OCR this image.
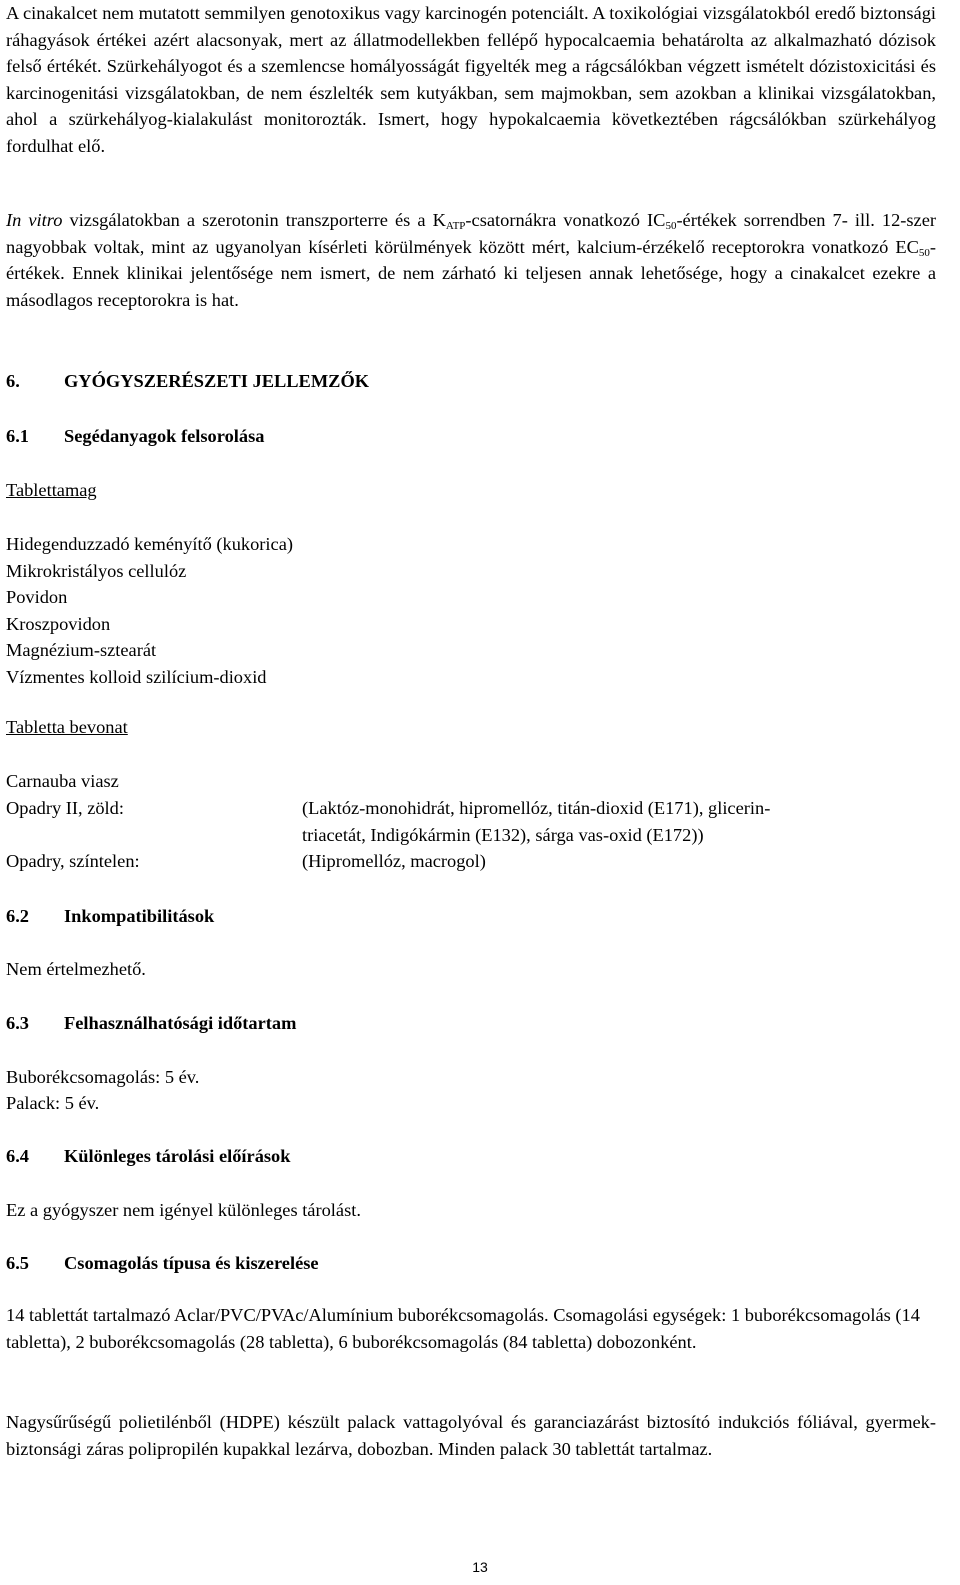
A cinakalcet nem mutatott semmilyen genotoxikus vagy karcinogén potenciált. A toxikológiai vizsgálatokból eredő biztonsági ráhagyások értékei azért alacsonyak, mert az állatmodellekben fellépő hypocalcaemia behatárolta az alkalmazható dózisok felső értékét. Szürkehályogot és a szemlencse homályosságát figyelték meg a rágcsálókban végzett ismételt dózistoxicitási és karcinogenitási vizsgálatokban, de nem észlelték sem kutyákban, sem majmokban, sem azokban a klinikai vizsgálatokban, ahol a szürkehályog-kialakulást monitorozták. Ismert, hogy hypokalcaemia következtében rágcsálókban szürkehályog fordulhat elő.

In vitro vizsgálatokban a szerotonin transzporterre és a $K_{ATP}$-csatornákra vonatkozó $IC_{50}$-értékek sorrendben 7- ill. 12-szer nagyobbak voltak, mint az ugyanolyan kísérleti körülmények között mért, kalcium-érzékelő receptorokra vonatkozó $EC_{50}$-értékek. Ennek klinikai jelentősége nem ismert, de nem zárható ki teljesen annak lehetősége, hogy a cinakalcet ezekre a másodlagos receptorokra is hat.

6. GYÓGYSZERÉSZETI JELLEMZŐK

6.1 Segédanyagok felsorolása

Tablettamag

Hidegenduzzadó keményítő (kukorica)

Mikrokristályos cellulóz

Povidon

Kroszpovidon

Magnézium-sztearát

Vízmentes kolloid szilícium-dioxid

Tabletta bevonat

Carnauba viasz

Opadry II, zöld:	(Laktóz-monohidrát, hipromellóz, titán-dioxid (E171), glicerin-
triacetát, Indigókármin (E132), sárga vas-oxid (E172))
Opadry, színtelen:	(Hipromellóz, macrogol)

6.2 Inkompatibilitások

Nem értelmezhető.

6.3 Felhasználhatósági időtartam

Buborékcsomagolás: 5 év.

Palack: 5 év.

6.4 Különleges tárolási előírások

Ez a gyógyszer nem igényel különleges tárolást.

6.5 Csomagolás típusa és kiszerelése

14 tablettát tartalmazó Aclar/PVC/PVAc/Alumínium buborékcsomagolás. Csomagolási egységek: 1 buborékcsomagolás (14 tabletta), 2 buborékcsomagolás (28 tabletta), 6 buborékcsomagolás (84 tabletta) dobozonként.

Nagysűrűségű polietilénből (HDPE) készült palack vattagolyóval és garanciazárást biztosító indukciós fóliával, gyermek-biztonsági záras polipropilén kupakkal lezárva, dobozban. Minden palack 30 tablettát tartalmaz.

13
